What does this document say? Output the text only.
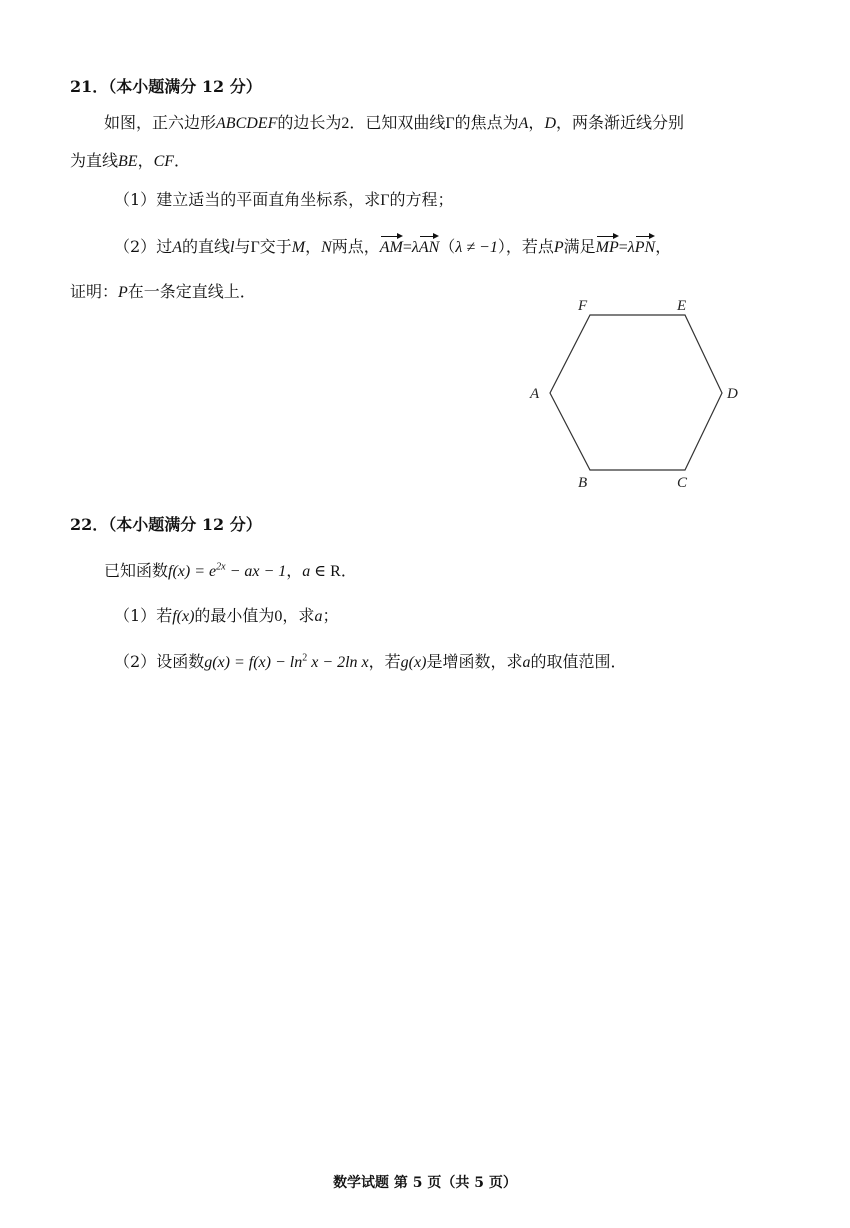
21．（本小题满分 12 分）
如图，正六边形ABCDEF的边长为2．已知双曲线Γ的焦点为A，D，两条渐近线分别
为直线BE，CF．
（1）建立适当的平面直角坐标系，求Γ的方程；
（2）过A的直线l与Γ交于M，N两点，
AM=λ
AN（λ ≠ −1），若点P满足
MP=λ
PN，
证明：P在一条定直线上．
F	E
A	D
B	C
22．（本小题满分 12 分）
已知函数$f(x) = e^{2x}$ − ax − 1，a ∈ R．
（1）若f(x)的最小值为0，求a；
（2）设函数$g(x) = f(x) - \ln^2 x - 2\ln$ x，若g(x)是增函数，求a的取值范围．
数学试题 第 5 页（共 5 页）
